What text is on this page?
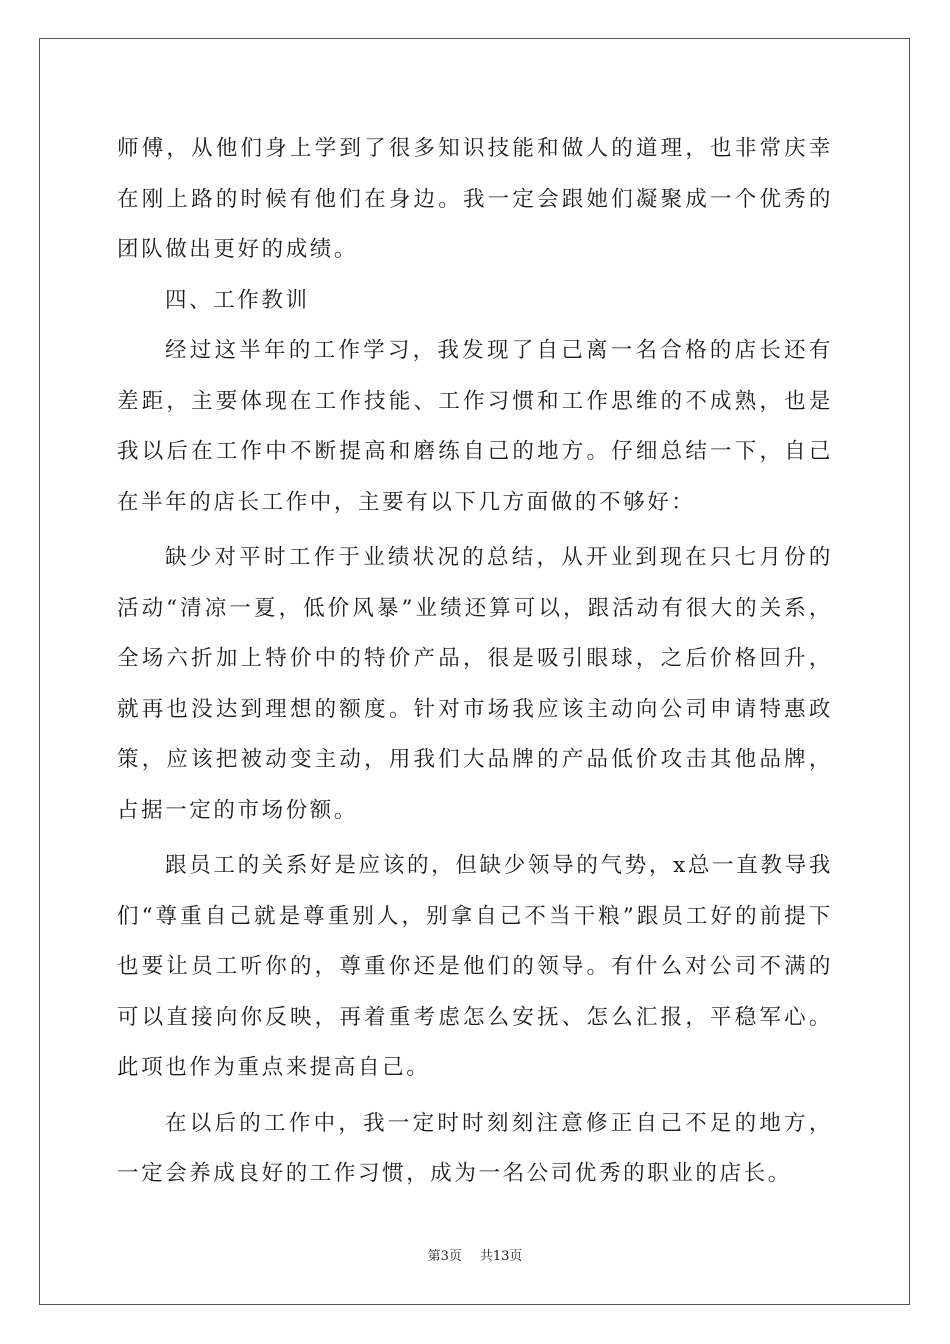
师傅，从他们身上学到了很多知识技能和做人的道理，也非常庆幸在刚上路的时候有他们在身边。我一定会跟她们凝聚成一个优秀的团队做出更好的成绩。

四、工作教训

经过这半年的工作学习，我发现了自己离一名合格的店长还有差距，主要体现在工作技能、工作习惯和工作思维的不成熟，也是我以后在工作中不断提高和磨练自己的地方。仔细总结一下，自己在半年的店长工作中，主要有以下几方面做的不够好：

缺少对平时工作于业绩状况的总结，从开业到现在只七月份的活动“清凉一夏，低价风暴”业绩还算可以，跟活动有很大的关系，全场六折加上特价中的特价产品，很是吸引眼球，之后价格回升，就再也没达到理想的额度。针对市场我应该主动向公司申请特惠政策，应该把被动变主动，用我们大品牌的产品低价攻击其他品牌，占据一定的市场份额。

跟员工的关系好是应该的，但缺少领导的气势，x总一直教导我们“尊重自己就是尊重别人，别拿自己不当干粮”跟员工好的前提下也要让员工听你的，尊重你还是他们的领导。有什么对公司不满的可以直接向你反映，再着重考虑怎么安抚、怎么汇报，平稳军心。此项也作为重点来提高自己。

在以后的工作中，我一定时时刻刻注意修正自己不足的地方，一定会养成良好的工作习惯，成为一名公司优秀的职业的店长。

第3页 共13页
